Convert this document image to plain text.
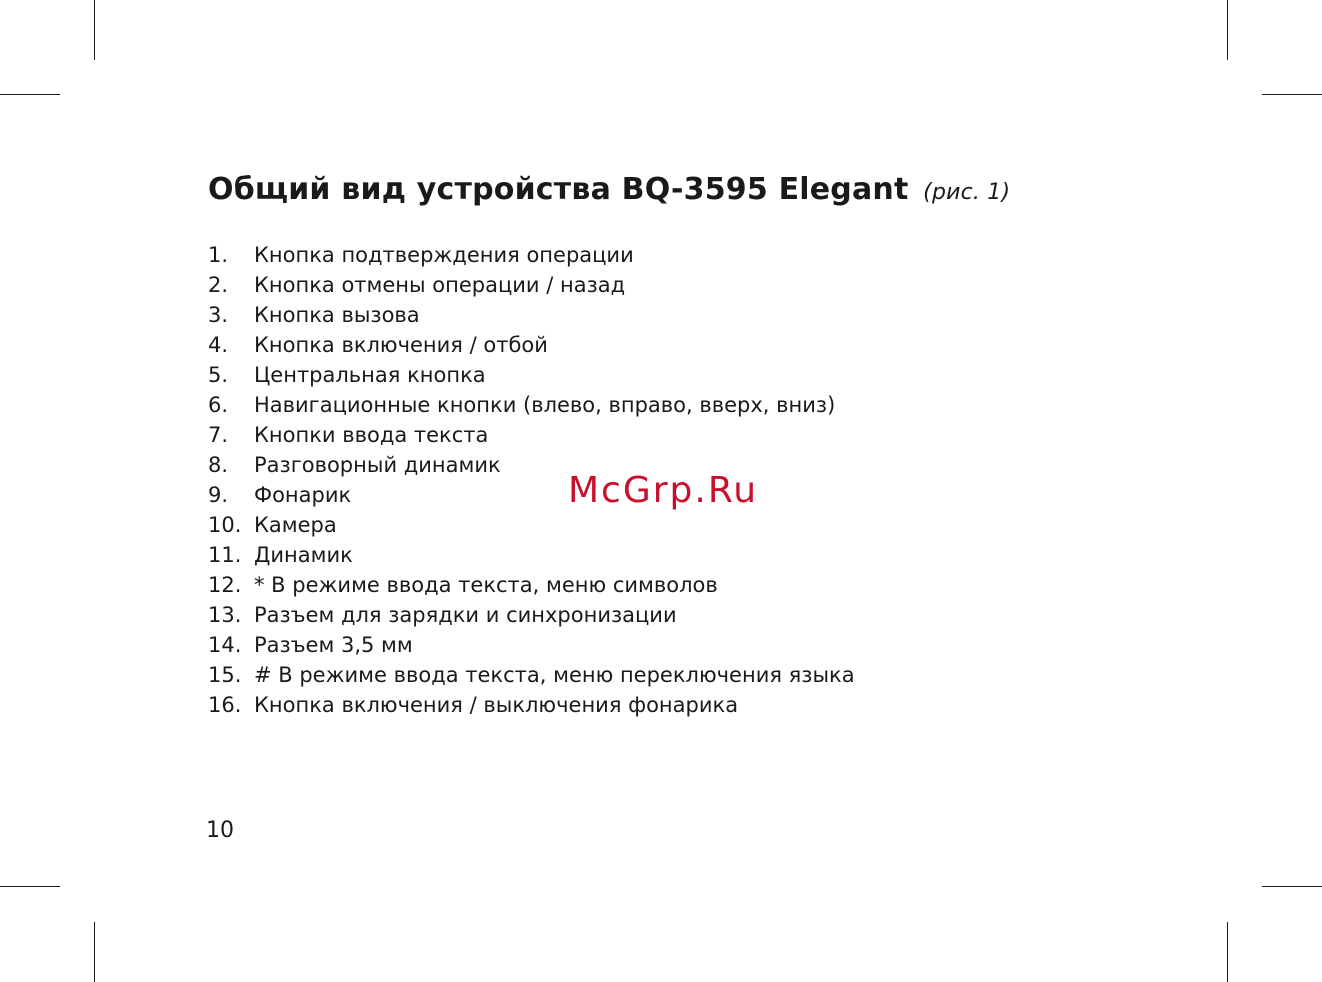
Общий вид устройства BQ-3595 Elegant (рис. 1)
1. Кнопка подтверждения операции
2. Кнопка отмены операции / назад
3. Кнопка вызова
4. Кнопка включения / отбой
5. Центральная кнопка
6. Навигационные кнопки (влево, вправо, вверх, вниз)
7. Кнопки ввода текста
8. Разговорный динамик
9. Фонарик
10. Камера
11. Динамик
12. * В режиме ввода текста, меню символов
13. Разъем для зарядки и синхронизации
14. Разъем 3,5 мм
15. # В режиме ввода текста, меню переключения языка
16. Кнопка включения / выключения фонарика
McGrp.Ru
10
